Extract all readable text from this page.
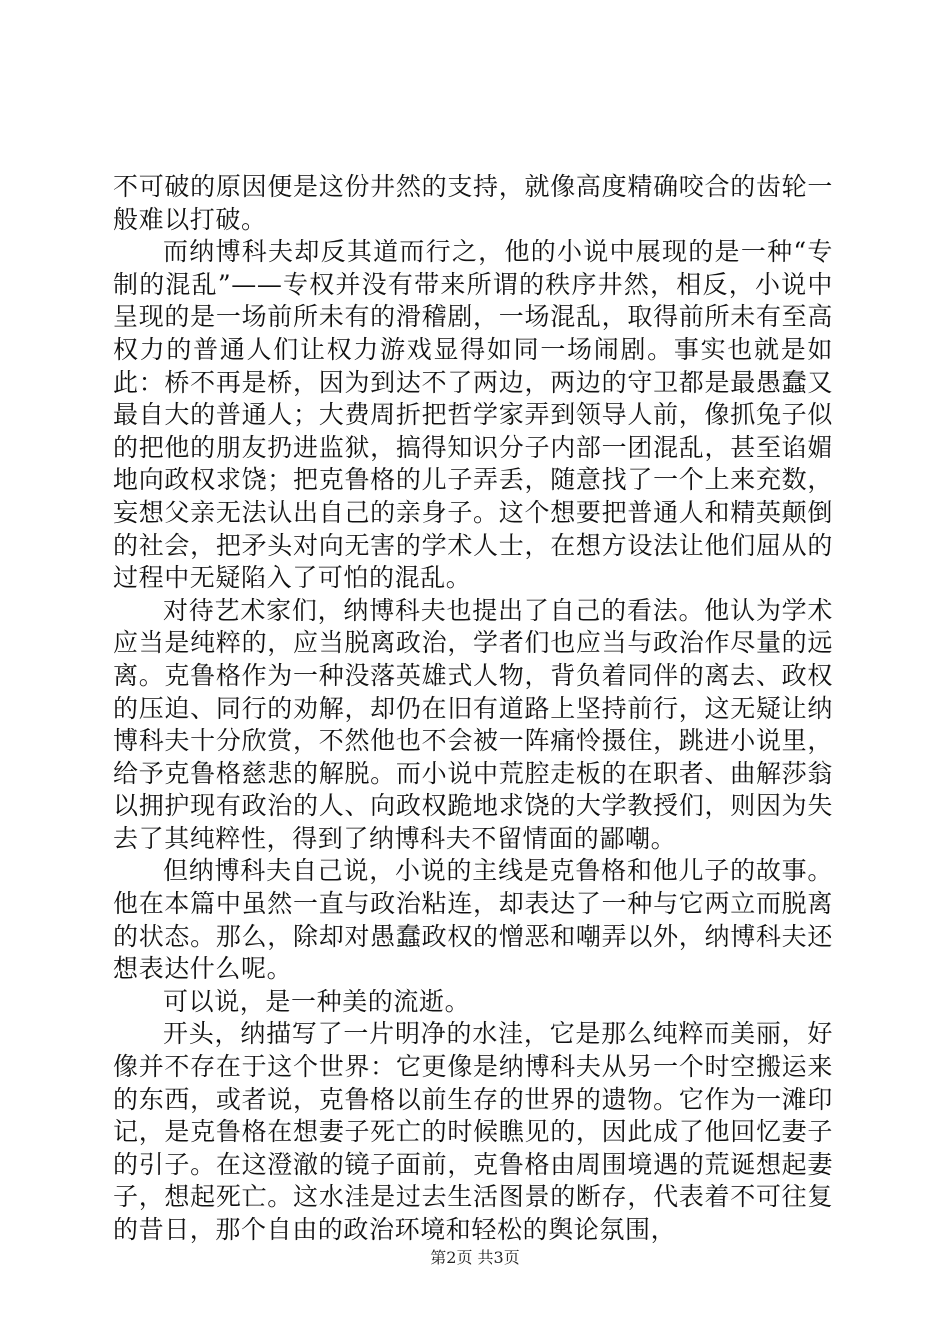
不可破的原因便是这份井然的支持，就像高度精确咬合的齿轮一般难以打破。

而纳博科夫却反其道而行之，他的小说中展现的是一种“专制的混乱”——专权并没有带来所谓的秩序井然，相反，小说中呈现的是一场前所未有的滑稽剧，一场混乱，取得前所未有至高权力的普通人们让权力游戏显得如同一场闹剧。事实也就是如此：桥不再是桥，因为到达不了两边，两边的守卫都是最愚蠢又最自大的普通人；大费周折把哲学家弄到领导人前，像抓兔子似的把他的朋友扔进监狱，搞得知识分子内部一团混乱，甚至谄媚地向政权求饶；把克鲁格的儿子弄丢，随意找了一个上来充数，妄想父亲无法认出自己的亲身子。这个想要把普通人和精英颠倒的社会，把矛头对向无害的学术人士，在想方设法让他们屈从的过程中无疑陷入了可怕的混乱。

对待艺术家们，纳博科夫也提出了自己的看法。他认为学术应当是纯粹的，应当脱离政治，学者们也应当与政治作尽量的远离。克鲁格作为一种没落英雄式人物，背负着同伴的离去、政权的压迫、同行的劝解，却仍在旧有道路上坚持前行，这无疑让纳博科夫十分欣赏，不然他也不会被一阵痛怜摄住，跳进小说里，给予克鲁格慈悲的解脱。而小说中荒腔走板的在职者、曲解莎翁以拥护现有政治的人、向政权跪地求饶的大学教授们，则因为失去了其纯粹性，得到了纳博科夫不留情面的鄙嘲。

但纳博科夫自己说，小说的主线是克鲁格和他儿子的故事。他在本篇中虽然一直与政治粘连，却表达了一种与它两立而脱离的状态。那么，除却对愚蠢政权的憎恶和嘲弄以外，纳博科夫还想表达什么呢。

可以说，是一种美的流逝。

开头，纳描写了一片明净的水洼，它是那么纯粹而美丽，好像并不存在于这个世界：它更像是纳博科夫从另一个时空搬运来的东西，或者说，克鲁格以前生存的世界的遗物。它作为一滩印记，是克鲁格在想妻子死亡的时候瞧见的，因此成了他回忆妻子的引子。在这澄澈的镜子面前，克鲁格由周围境遇的荒诞想起妻子，想起死亡。这水洼是过去生活图景的断存，代表着不可往复的昔日，那个自由的政治环境和轻松的舆论氛围，

第2页 共3页
